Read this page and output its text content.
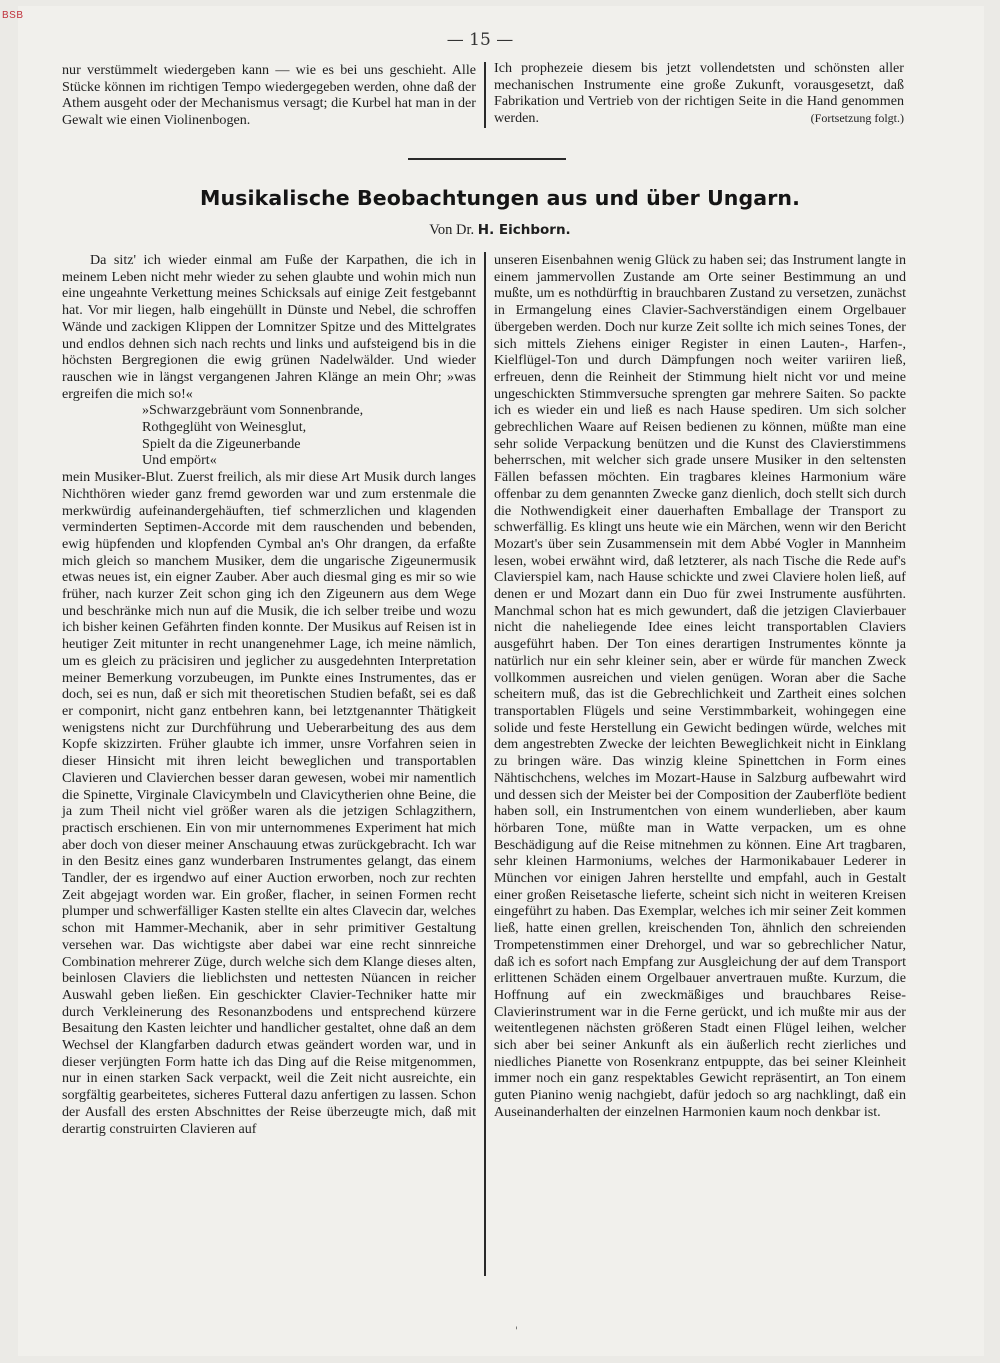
BSB
— 15 —

nur verstümmelt wiedergeben kann — wie es bei uns geschieht. Alle Stücke können im richtigen Tempo wiedergegeben werden, ohne daß der Athem ausgeht oder der Mechanismus versagt; die Kurbel hat man in der Gewalt wie einen Violinenbogen.

Ich prophezeie diesem bis jetzt vollendetsten und schönsten aller mechanischen Instrumente eine große Zukunft, vorausgesetzt, daß Fabrikation und Vertrieb von der richtigen Seite in die Hand genommen werden.	(Fortsetzung folgt.)

Musikalische Beobachtungen aus und über Ungarn.
Von Dr. H. Eichborn.

Da sitz' ich wieder einmal am Fuße der Karpathen, die ich in meinem Leben nicht mehr wieder zu sehen glaubte und wohin mich nun eine ungeahnte Verkettung meines Schicksals auf einige Zeit festgebannt hat. Vor mir liegen, halb eingehüllt in Dünste und Nebel, die schroffen Wände und zackigen Klippen der Lomnitzer Spitze und des Mittelgrates und endlos dehnen sich nach rechts und links und aufsteigend bis in die höchsten Bergregionen die ewig grünen Nadelwälder. Und wieder rauschen wie in längst vergangenen Jahren Klänge an mein Ohr; »was ergreifen die mich so!«

»Schwarzgebräunt vom Sonnenbrande,
Rothgeglüht von Weinesglut,
Spielt da die Zigeunerbande
Und empört«

mein Musiker-Blut. Zuerst freilich, als mir diese Art Musik durch langes Nichthören wieder ganz fremd geworden war und zum erstenmale die merkwürdig aufeinandergehäuften, tief schmerzlichen und klagenden verminderten Septimen-Accorde mit dem rauschenden und bebenden, ewig hüpfenden und klopfenden Cymbal an's Ohr drangen, da erfaßte mich gleich so manchem Musiker, dem die ungarische Zigeunermusik etwas neues ist, ein eigner Zauber. Aber auch diesmal ging es mir so wie früher, nach kurzer Zeit schon ging ich den Zigeunern aus dem Wege und beschränke mich nun auf die Musik, die ich selber treibe und wozu ich bisher keinen Gefährten finden konnte. Der Musikus auf Reisen ist in heutiger Zeit mitunter in recht unangenehmer Lage, ich meine nämlich, um es gleich zu präcisiren und jeglicher zu ausgedehnten Interpretation meiner Bemerkung vorzubeugen, im Punkte eines Instrumentes, das er doch, sei es nun, daß er sich mit theoretischen Studien befaßt, sei es daß er componirt, nicht ganz entbehren kann, bei letztgenannter Thätigkeit wenigstens nicht zur Durchführung und Ueberarbeitung des aus dem Kopfe skizzirten. Früher glaubte ich immer, unsre Vorfahren seien in dieser Hinsicht mit ihren leicht beweglichen und transportablen Clavieren und Clavierchen besser daran gewesen, wobei mir namentlich die Spinette, Virginale Clavicymbeln und Clavicytherien ohne Beine, die ja zum Theil nicht viel größer waren als die jetzigen Schlagzithern, practisch erschienen. Ein von mir unternommenes Experiment hat mich aber doch von dieser meiner Anschauung etwas zurückgebracht. Ich war in den Besitz eines ganz wunderbaren Instrumentes gelangt, das einem Tandler, der es irgendwo auf einer Auction erworben, noch zur rechten Zeit abgejagt worden war. Ein großer, flacher, in seinen Formen recht plumper und schwerfälliger Kasten stellte ein altes Clavecin dar, welches schon mit Hammer-Mechanik, aber in sehr primitiver Gestaltung versehen war. Das wichtigste aber dabei war eine recht sinnreiche Combination mehrerer Züge, durch welche sich dem Klange dieses alten, beinlosen Claviers die lieblichsten und nettesten Nüancen in reicher Auswahl geben ließen. Ein geschickter Clavier-Techniker hatte mir durch Verkleinerung des Resonanzbodens und entsprechend kürzere Besaitung den Kasten leichter und handlicher gestaltet, ohne daß an dem Wechsel der Klangfarben dadurch etwas geändert worden war, und in dieser verjüngten Form hatte ich das Ding auf die Reise mitgenommen, nur in einen starken Sack verpackt, weil die Zeit nicht ausreichte, ein sorgfältig gearbeitetes, sicheres Futteral dazu anfertigen zu lassen. Schon der Ausfall des ersten Abschnittes der Reise überzeugte mich, daß mit derartig construirten Clavieren auf

unseren Eisenbahnen wenig Glück zu haben sei; das Instrument langte in einem jammervollen Zustande am Orte seiner Bestimmung an und mußte, um es nothdürftig in brauchbaren Zustand zu versetzen, zunächst in Ermangelung eines Clavier-Sachverständigen einem Orgelbauer übergeben werden. Doch nur kurze Zeit sollte ich mich seines Tones, der sich mittels Ziehens einiger Register in einen Lauten-, Harfen-, Kielflügel-Ton und durch Dämpfungen noch weiter variiren ließ, erfreuen, denn die Reinheit der Stimmung hielt nicht vor und meine ungeschickten Stimmversuche sprengten gar mehrere Saiten. So packte ich es wieder ein und ließ es nach Hause spediren. Um sich solcher gebrechlichen Waare auf Reisen bedienen zu können, müßte man eine sehr solide Verpackung benützen und die Kunst des Clavierstimmens beherrschen, mit welcher sich grade unsere Musiker in den seltensten Fällen befassen möchten. Ein tragbares kleines Harmonium wäre offenbar zu dem genannten Zwecke ganz dienlich, doch stellt sich durch die Nothwendigkeit einer dauerhaften Emballage der Transport zu schwerfällig. Es klingt uns heute wie ein Märchen, wenn wir den Bericht Mozart's über sein Zusammensein mit dem Abbé Vogler in Mannheim lesen, wobei erwähnt wird, daß letzterer, als nach Tische die Rede auf's Clavierspiel kam, nach Hause schickte und zwei Claviere holen ließ, auf denen er und Mozart dann ein Duo für zwei Instrumente ausführten. Manchmal schon hat es mich gewundert, daß die jetzigen Clavierbauer nicht die naheliegende Idee eines leicht transportablen Claviers ausgeführt haben. Der Ton eines derartigen Instrumentes könnte ja natürlich nur ein sehr kleiner sein, aber er würde für manchen Zweck vollkommen ausreichen und vielen genügen. Woran aber die Sache scheitern muß, das ist die Gebrechlichkeit und Zartheit eines solchen transportablen Flügels und seine Verstimmbarkeit, wohingegen eine solide und feste Herstellung ein Gewicht bedingen würde, welches mit dem angestrebten Zwecke der leichten Beweglichkeit nicht in Einklang zu bringen wäre. Das winzig kleine Spinettchen in Form eines Nähtischchens, welches im Mozart-Hause in Salzburg aufbewahrt wird und dessen sich der Meister bei der Composition der Zauberflöte bedient haben soll, ein Instrumentchen von einem wunderlieben, aber kaum hörbaren Tone, müßte man in Watte verpacken, um es ohne Beschädigung auf die Reise mitnehmen zu können. Eine Art tragbaren, sehr kleinen Harmoniums, welches der Harmonikabauer Lederer in München vor einigen Jahren herstellte und empfahl, auch in Gestalt einer großen Reisetasche lieferte, scheint sich nicht in weiteren Kreisen eingeführt zu haben. Das Exemplar, welches ich mir seiner Zeit kommen ließ, hatte einen grellen, kreischenden Ton, ähnlich den schreienden Trompetenstimmen einer Drehorgel, und war so gebrechlicher Natur, daß ich es sofort nach Empfang zur Ausgleichung der auf dem Transport erlittenen Schäden einem Orgelbauer anvertrauen mußte. Kurzum, die Hoffnung auf ein zweckmäßiges und brauchbares Reise-Clavierinstrument war in die Ferne gerückt, und ich mußte mir aus der weitentlegenen nächsten größeren Stadt einen Flügel leihen, welcher sich aber bei seiner Ankunft als ein äußerlich recht zierliches und niedliches Pianette von Rosenkranz entpuppte, das bei seiner Kleinheit immer noch ein ganz respektables Gewicht repräsentirt, an Ton einem guten Pianino wenig nachgiebt, dafür jedoch so arg nachklingt, daß ein Auseinanderhalten der einzelnen Harmonien kaum noch denkbar ist.

'
